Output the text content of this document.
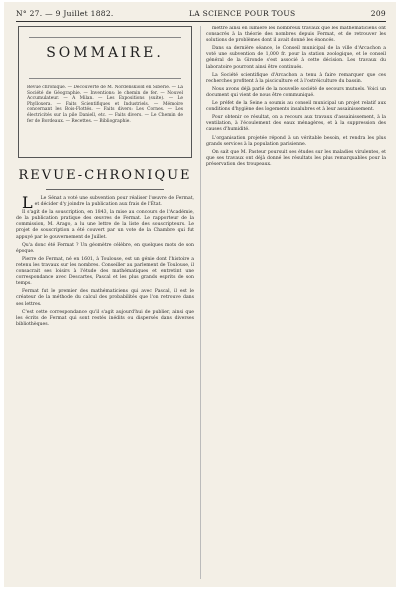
N° 27. — 9 Juillet 1882.	LA SCIENCE POUR TOUS	209
SOMMAIRE.
Revue chronique. — Découverte de M. Nordenskiöld en Sibérie. — La Société de Géographie. — Inventions: le chemin de fer. — Nouvel Accumulateur. — A Milan. — Les Expositions (suite). — Le Phylloxera. — Faits Scientifiques et Industriels. — Mémoire concernant les Bois-Flottés. — Faits divers: Les Cornes. — Les électricités sur la pile Daniell, etc. — Faits divers. — Le Chemin de fer de Bordeaux. — Recettes. — Bibliographie.
REVUE-CHRONIQUE

L Le Sénat a voté une subvention pour réaliser l'œuvre de Fermat, et décider d'y joindre la publication aux frais de l'État.

Il s'agit de la souscription, en 1843, la mise au concours de l'Académie, de la publication pratique des œuvres de Fermat. Le rapporteur de la commission, M. Arago, a lu une lettre de la liste des souscripteurs. Le projet de souscription a été couvert par un vote de la Chambre qui fut appuyé par le gouvernement de Juillet.

Qu'a donc été Fermat ? Un géomètre célèbre, en quelques mots de son époque.

Pierre de Fermat, né en 1601, à Toulouse, est un génie dont l'histoire a retenu les travaux sur les nombres. Conseiller au parlement de Toulouse, il consacrait ses loisirs à l'étude des mathématiques et entretint une correspondance avec Descartes, Pascal et les plus grands esprits de son temps.

Fermat fut le premier des mathématiciens qui avec Pascal, il est le créateur de la méthode du calcul des probabilités que l'on retrouve dans ses lettres.

C'est cette correspondance qu'il s'agit aujourd'hui de publier, ainsi que les écrits de Fermat qui sont restés inédits ou dispersés dans diverses bibliothèques.

mettre ainsi en lumière les nombreux travaux que les mathématiciens ont consacrés à la théorie des nombres depuis Fermat, et de retrouver les solutions de problèmes dont il avait donné les énoncés.

Dans sa dernière séance, le Conseil municipal de la ville d'Arcachon a voté une subvention de 1,000 fr. pour la station zoologique, et le conseil général de la Gironde s'est associé à cette décision. Les travaux du laboratoire pourront ainsi être continués.

La Société scientifique d'Arcachon a tenu à faire remarquer que ces recherches profitent à la pisciculture et à l'ostréiculture du bassin.

Nous avons déjà parlé de la nouvelle société de secours mutuels. Voici un document qui vient de nous être communiqué.

Le préfet de la Seine a soumis au conseil municipal un projet relatif aux conditions d'hygiène des logements insalubres et à leur assainissement.

Pour obtenir ce résultat, on a recours aux travaux d'assainissement, à la ventilation, à l'écoulement des eaux ménagères, et à la suppression des causes d'humidité.

L'organisation projetée répond à un véritable besoin, et rendra les plus grands services à la population parisienne.

On sait que M. Pasteur poursuit ses études sur les maladies virulentes, et que ses travaux ont déjà donné les résultats les plus remarquables pour la préservation des troupeaux.
